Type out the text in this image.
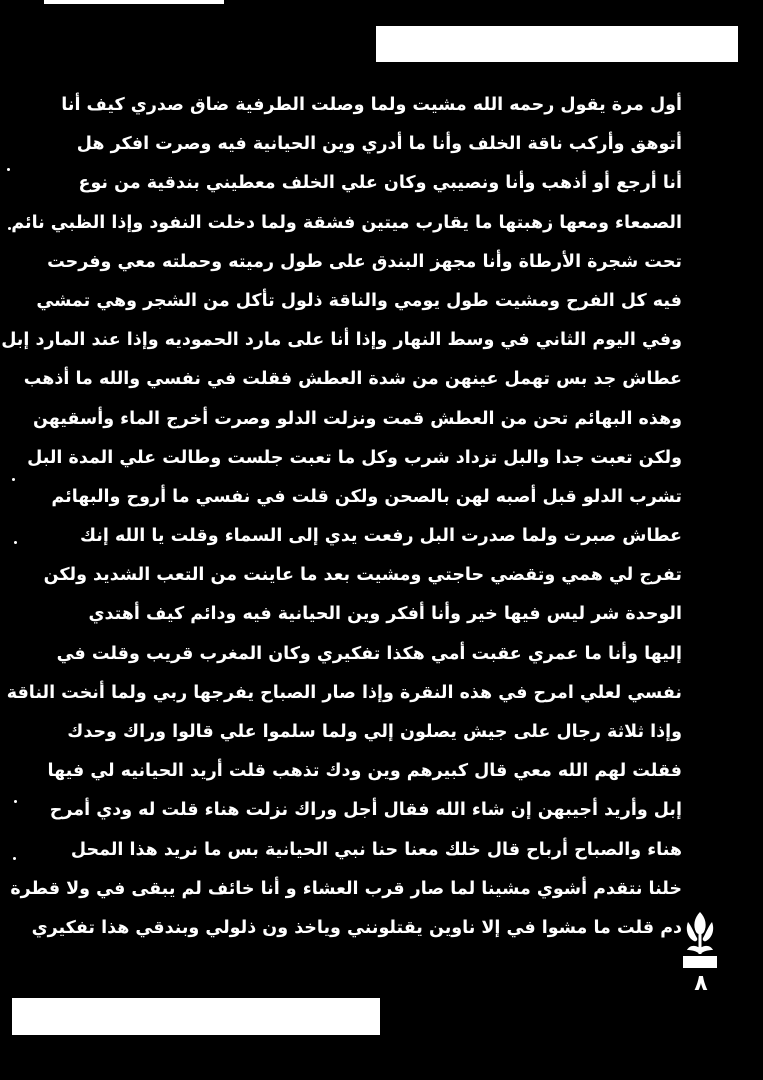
أول مرة يقول رحمه الله مشيت ولما وصلت الطرفية ضاق صدري كيف أنا
أتوهق وأركب ناقة الخلف وأنا ما أدري وين الحيانية فيه وصرت افكر هل
أنا أرجع أو أذهب وأنا ونصيبي وكان علي الخلف معطيني بندقية من نوع
الصمعاء ومعها زهبتها ما يقارب ميتين فشقة ولما دخلت النفود وإذا الظبي نائم
تحت شجرة الأرطاة وأنا مجهز البندق على طول رميته وحملته معي وفرحت
فيه كل الفرح ومشيت طول يومي والناقة ذلول تأكل من الشجر وهي تمشي
وفي اليوم الثاني في وسط النهار وإذا أنا على مارد الحموديه وإذا عند المارد إبل
عطاش جد بس تهمل عينهن من شدة العطش فقلت في نفسي والله ما أذهب
وهذه البهائم تحن من العطش قمت ونزلت الدلو وصرت أخرج الماء وأسقيهن
ولكن تعبت جدا والبل تزداد شرب وكل ما تعبت جلست وطالت علي المدة البل
تشرب الدلو قبل أصبه لهن بالصحن ولكن قلت في نفسي ما أروح والبهائم
عطاش صبرت ولما صدرت البل رفعت يدي إلى السماء وقلت يا الله إنك
تفرج لي همي وتقضي حاجتي ومشيت بعد ما عاينت من التعب الشديد ولكن
الوحدة شر ليس فيها خير وأنا أفكر وين الحيانية فيه ودائم كيف أهتدي
إليها وأنا ما عمري عقبت أمي هكذا تفكيري وكان المغرب قريب وقلت في
نفسي لعلي امرح في هذه النقرة وإذا صار الصباح يفرجها ربي ولما أنخت الناقة
وإذا ثلاثة رجال على جيش يصلون إلي ولما سلموا علي قالوا وراك وحدك
فقلت لهم الله معي قال كبيرهم وين ودك تذهب قلت أريد الحيانيه لي فيها
إبل وأريد أجيبهن إن شاء الله فقال أجل وراك نزلت هناء قلت له ودي أمرح
هناء والصباح أرباح قال خلك معنا حنا نبي الحيانية بس ما نريد هذا المحل
خلنا نتقدم أشوي مشينا لما صار قرب العشاء و أنا خائف لم يبقى في ولا قطرة
دم قلت ما مشوا في إلا ناوين يقتلونني وياخذ ون ذلولي وبندقي هذا تفكيري
٨
